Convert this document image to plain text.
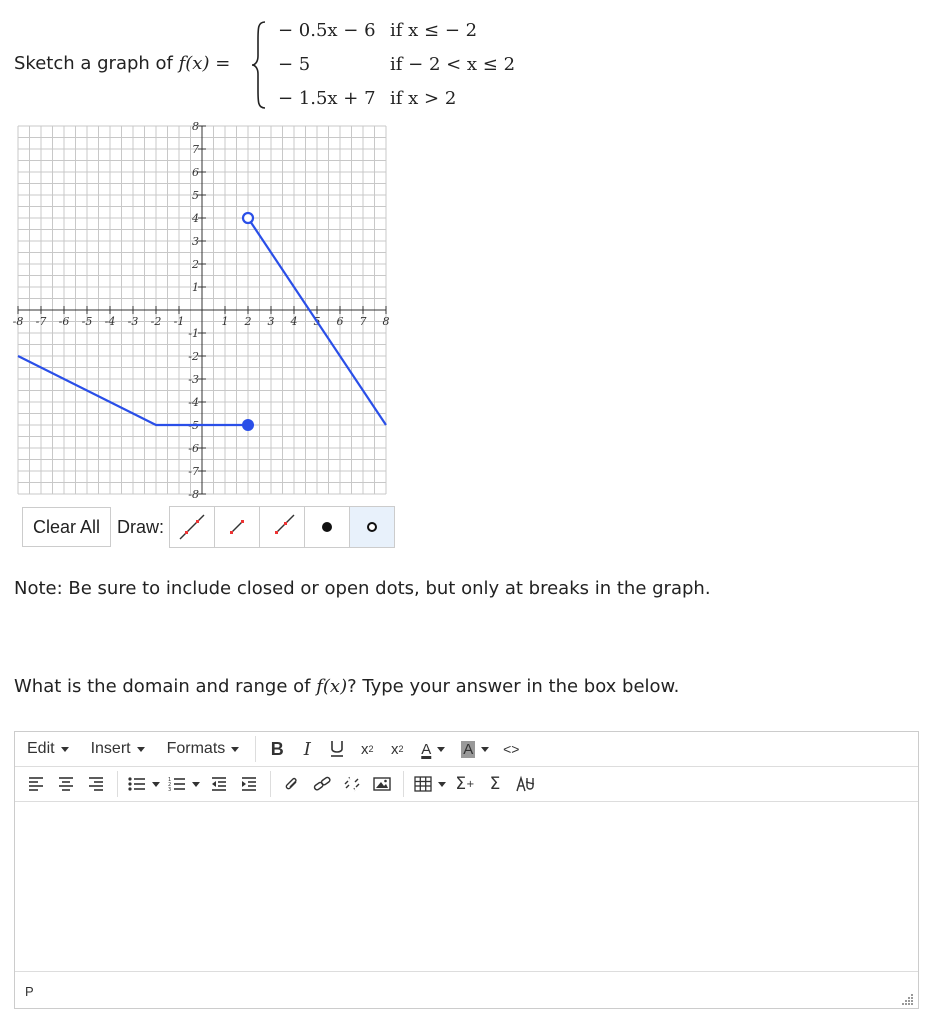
Sketch a graph of f(x) =
− 0.5x − 6 if x ≤ − 2
− 5	if − 2 < x ≤ 2
− 1.5x + 7 if x > 2
-8 -7 -6 -5 -4 -3 -2 -1	1 2 3 4 5 6 7 8
8
7
6
5
4
3
2
1
-1
-2
-3
-4
-5
-6
-7
-8
Clear All Draw:
Note: Be sure to include closed or open dots, but only at breaks in the graph.
What is the domain and range of f(x)? Type your answer in the box below.
Edit Insert Formats	B	I	x 2	x 2 A A <>
1
2
3	Σ + Σ
P
